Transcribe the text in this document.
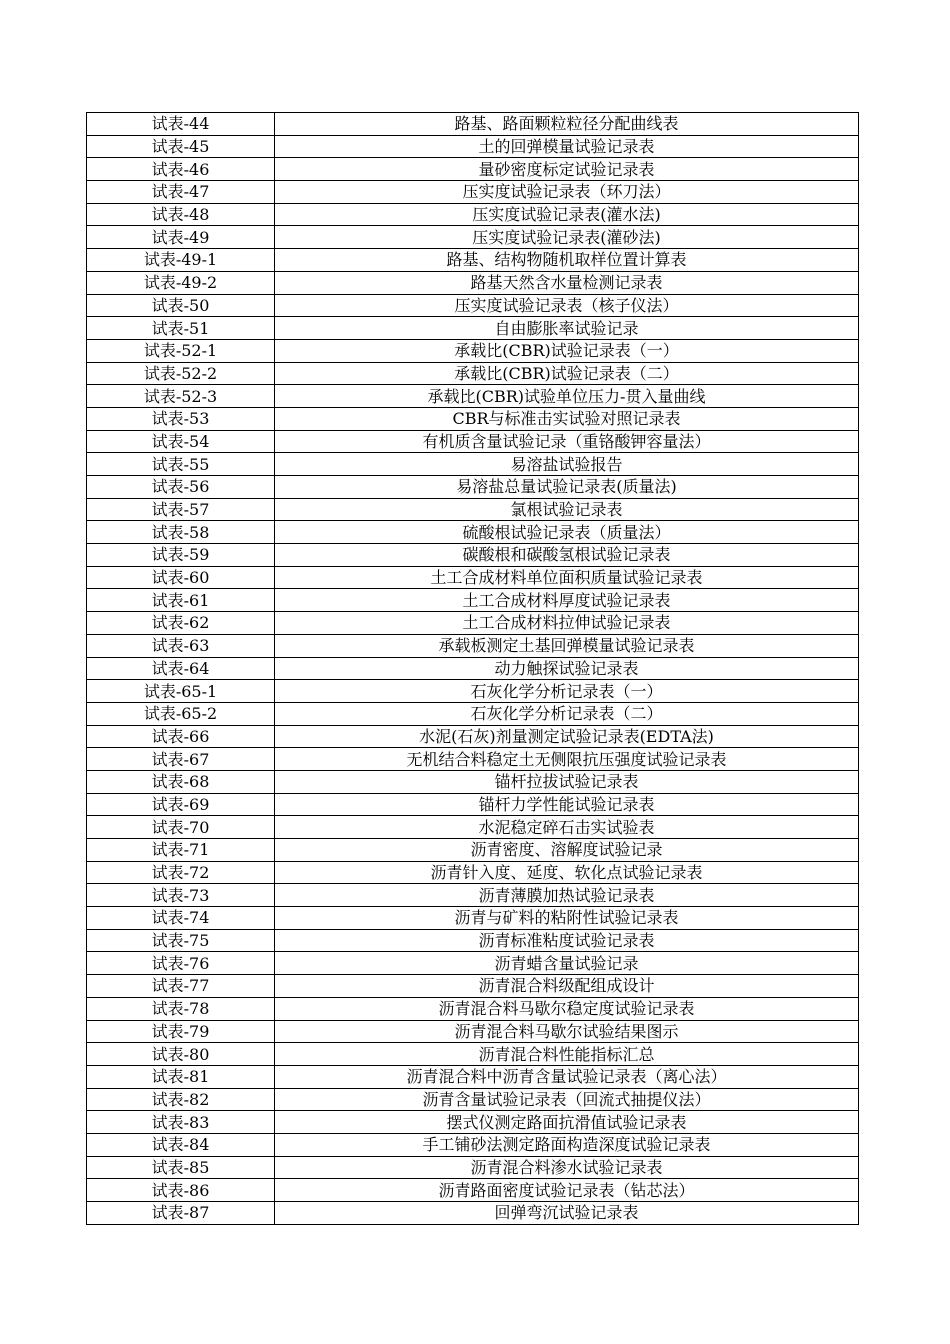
试表-44	路基、路面颗粒粒径分配曲线表
试表-45	土的回弹模量试验记录表
试表-46	量砂密度标定试验记录表
试表-47	压实度试验记录表（环刀法）
试表-48	压实度试验记录表(灌水法)
试表-49	压实度试验记录表(灌砂法)
试表-49-1	路基、结构物随机取样位置计算表
试表-49-2	路基天然含水量检测记录表
试表-50	压实度试验记录表（核子仪法）
试表-51	自由膨胀率试验记录
试表-52-1	承载比(CBR)试验记录表（一）
试表-52-2	承载比(CBR)试验记录表（二）
试表-52-3	承载比(CBR)试验单位压力-贯入量曲线
试表-53	CBR与标准击实试验对照记录表
试表-54	有机质含量试验记录（重铬酸钾容量法）
试表-55	易溶盐试验报告
试表-56	易溶盐总量试验记录表(质量法)
试表-57	氯根试验记录表
试表-58	硫酸根试验记录表（质量法）
试表-59	碳酸根和碳酸氢根试验记录表
试表-60	土工合成材料单位面积质量试验记录表
试表-61	土工合成材料厚度试验记录表
试表-62	土工合成材料拉伸试验记录表
试表-63	承载板测定土基回弹模量试验记录表
试表-64	动力触探试验记录表
试表-65-1	石灰化学分析记录表（一）
试表-65-2	石灰化学分析记录表（二）
试表-66	水泥(石灰)剂量测定试验记录表(EDTA法)
试表-67	无机结合料稳定土无侧限抗压强度试验记录表
试表-68	锚杆拉拔试验记录表
试表-69	锚杆力学性能试验记录表
试表-70	水泥稳定碎石击实试验表
试表-71	沥青密度、溶解度试验记录
试表-72	沥青针入度、延度、软化点试验记录表
试表-73	沥青薄膜加热试验记录表
试表-74	沥青与矿料的粘附性试验记录表
试表-75	沥青标准粘度试验记录表
试表-76	沥青蜡含量试验记录
试表-77	沥青混合料级配组成设计
试表-78	沥青混合料马歇尔稳定度试验记录表
试表-79	沥青混合料马歇尔试验结果图示
试表-80	沥青混合料性能指标汇总
试表-81	沥青混合料中沥青含量试验记录表（离心法）
试表-82	沥青含量试验记录表（回流式抽提仪法）
试表-83	摆式仪测定路面抗滑值试验记录表
试表-84	手工铺砂法测定路面构造深度试验记录表
试表-85	沥青混合料渗水试验记录表
试表-86	沥青路面密度试验记录表（钻芯法）
试表-87	回弹弯沉试验记录表
